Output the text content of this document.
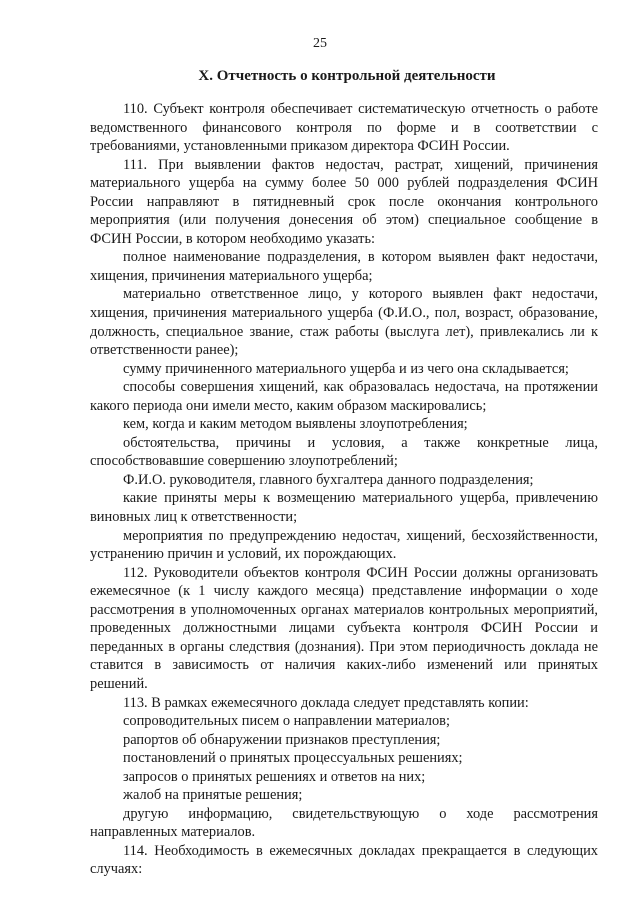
25
X. Отчетность о контрольной деятельности

110. Субъект контроля обеспечивает систематическую отчетность о работе ведомственного финансового контроля по форме и в соответствии с требованиями, установленными приказом директора ФСИН России.

111. При выявлении фактов недостач, растрат, хищений, причинения материального ущерба на сумму более 50 000 рублей подразделения ФСИН России направляют в пятидневный срок после окончания контрольного мероприятия (или получения донесения об этом) специальное сообщение в ФСИН России, в котором необходимо указать:

полное наименование подразделения, в котором выявлен факт недостачи, хищения, причинения материального ущерба;

материально ответственное лицо, у которого выявлен факт недостачи, хищения, причинения материального ущерба (Ф.И.О., пол, возраст, образование, должность, специальное звание, стаж работы (выслуга лет), привлекались ли к ответственности ранее);

сумму причиненного материального ущерба и из чего она складывается;

способы совершения хищений, как образовалась недостача, на протяжении какого периода они имели место, каким образом маскировались;

кем, когда и каким методом выявлены злоупотребления;

обстоятельства, причины и условия, а также конкретные лица, способствовавшие совершению злоупотреблений;

Ф.И.О. руководителя, главного бухгалтера данного подразделения;

какие приняты меры к возмещению материального ущерба, привлечению виновных лиц к ответственности;

мероприятия по предупреждению недостач, хищений, бесхозяйственности, устранению причин и условий, их порождающих.

112. Руководители объектов контроля ФСИН России должны организовать ежемесячное (к 1 числу каждого месяца) представление информации о ходе рассмотрения в уполномоченных органах материалов контрольных мероприятий, проведенных должностными лицами субъекта контроля ФСИН России и переданных в органы следствия (дознания). При этом периодичность доклада не ставится в зависимость от наличия каких-либо изменений или принятых решений.

113. В рамках ежемесячного доклада следует представлять копии:

сопроводительных писем о направлении материалов;

рапортов об обнаружении признаков преступления;

постановлений о принятых процессуальных решениях;

запросов о принятых решениях и ответов на них;

жалоб на принятые решения;

другую информацию, свидетельствующую о ходе рассмотрения направленных материалов.

114. Необходимость в ежемесячных докладах прекращается в следующих случаях:
